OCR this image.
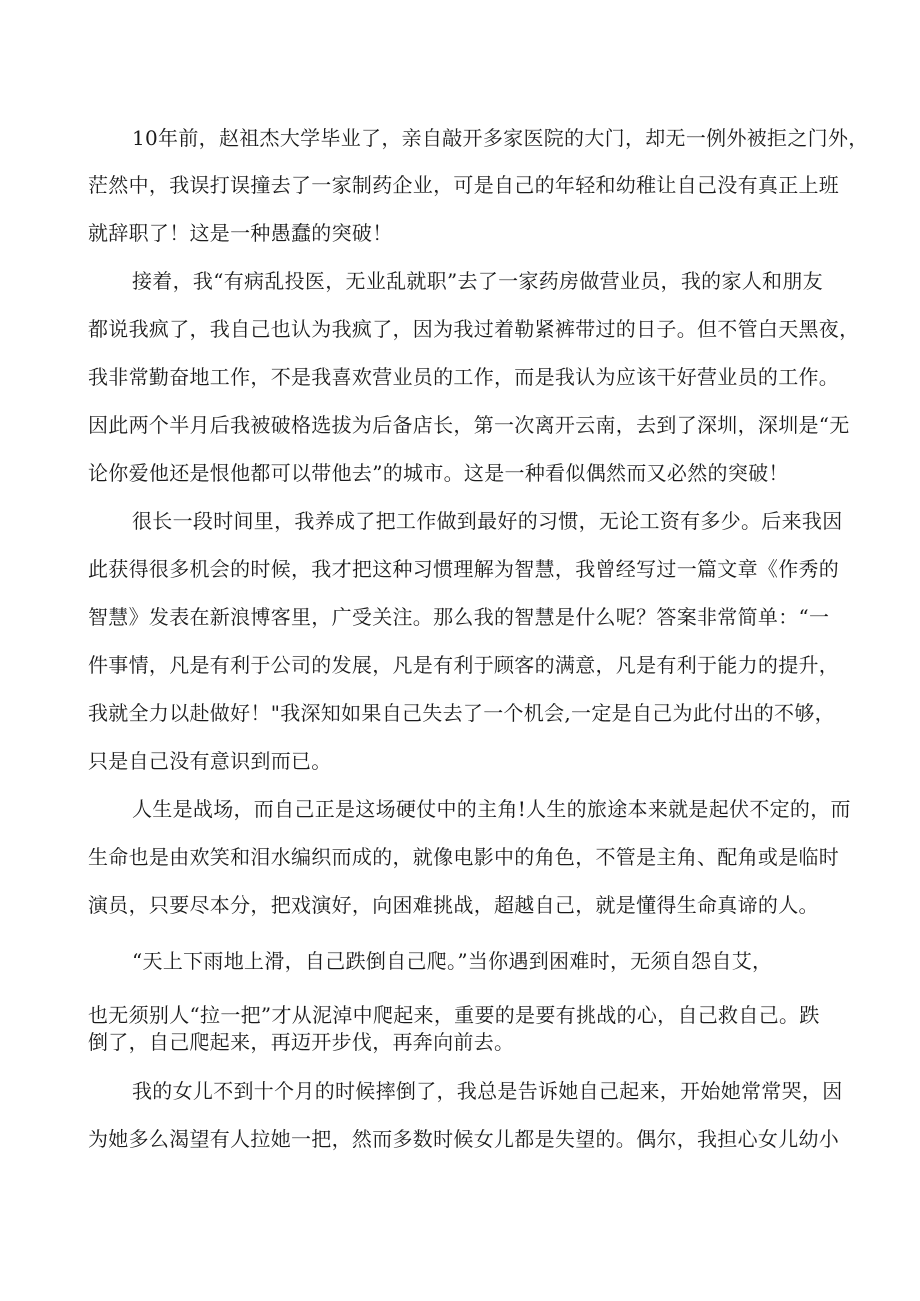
10年前，赵祖杰大学毕业了，亲自敲开多家医院的大门，却无一例外被拒之门外，
茫然中，我误打误撞去了一家制药企业，可是自己的年轻和幼稚让自己没有真正上班
就辞职了！这是一种愚蠢的突破！
接着，我“有病乱投医，无业乱就职”去了一家药房做营业员，我的家人和朋友
都说我疯了，我自己也认为我疯了，因为我过着勒紧裤带过的日子。但不管白天黑夜，
我非常勤奋地工作，不是我喜欢营业员的工作，而是我认为应该干好营业员的工作。
因此两个半月后我被破格选拔为后备店长，第一次离开云南，去到了深圳，深圳是“无
论你爱他还是恨他都可以带他去”的城市。这是一种看似偶然而又必然的突破！
很长一段时间里，我养成了把工作做到最好的习惯，无论工资有多少。后来我因
此获得很多机会的时候，我才把这种习惯理解为智慧，我曾经写过一篇文章《作秀的
智慧》发表在新浪博客里，广受关注。那么我的智慧是什么呢？答案非常简单：“一
件事情，凡是有利于公司的发展，凡是有利于顾客的满意，凡是有利于能力的提升，
我就全力以赴做好！"我深知如果自己失去了一个机会,一定是自己为此付出的不够，
只是自己没有意识到而已。
人生是战场，而自己正是这场硬仗中的主角!人生的旅途本来就是起伏不定的，而
生命也是由欢笑和泪水编织而成的，就像电影中的角色，不管是主角、配角或是临时
演员，只要尽本分，把戏演好，向困难挑战，超越自己，就是懂得生命真谛的人。
“天上下雨地上滑，自己跌倒自己爬。”当你遇到困难时，无须自怨自艾，
也无须别人“拉一把”才从泥淖中爬起来，重要的是要有挑战的心，自己救自己。跌
倒了，自己爬起来，再迈开步伐，再奔向前去。
我的女儿不到十个月的时候摔倒了，我总是告诉她自己起来，开始她常常哭，因
为她多么渴望有人拉她一把，然而多数时候女儿都是失望的。偶尔，我担心女儿幼小
